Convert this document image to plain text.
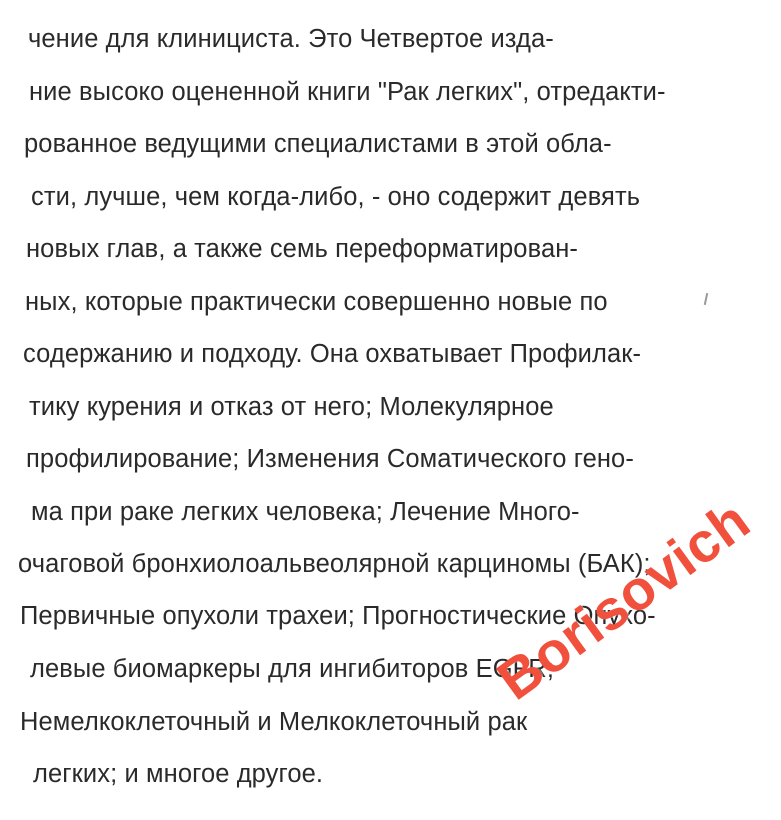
чение для клинициста. Это Четвертое изда-
ние высоко оцененной книги "Рак легких", отредакти-
рованное ведущими специалистами в этой обла-
сти, лучше, чем когда-либо, - оно содержит девять
новых глав, а также семь переформатирован-
ных, которые практически совершенно новые по
содержанию и подходу. Она охватывает Профилак-
тику курения и отказ от него; Молекулярное
профилирование; Изменения Соматического гено-
ма при раке легких человека; Лечение Много-
очаговой бронхиолоальвеолярной карциномы (БАК);
Первичные опухоли трахеи; Прогностические Опухо-
левые биомаркеры для ингибиторов EGFR;
Немелкоклеточный и Мелкоклеточный рак
легких; и многое другое.
Borisovich
